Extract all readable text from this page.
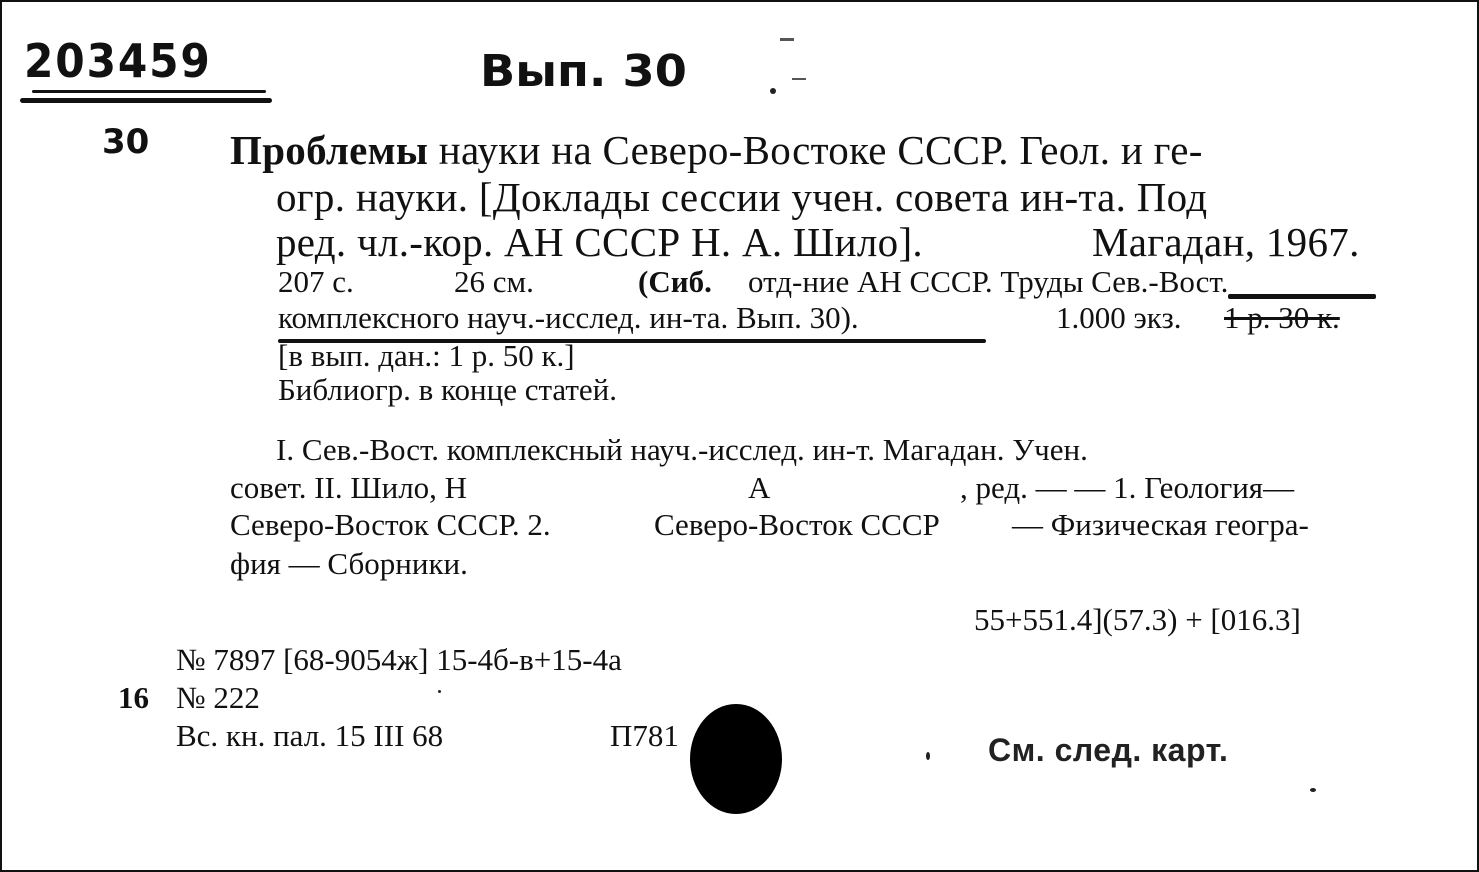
203459	Вып. 30
30 Проблемы науки на Северо-Востоке СССР. Геол. и ге-
огр. науки. [Доклады сессии учен. совета ин-та. Под
ред. чл.-кор. АН СССР Н. А. Шило].	Магадан, 1967.
207 с.	26 см.	(Сиб. отд-ние АН СССР. Труды Сев.-Вост.
комплексного науч.-исслед. ин-та. Вып. 30).	1.000 экз. 1 р. 30 к.
[в вып. дан.: 1 р. 50 к.]
Библиогр. в конце статей.
I. Сев.-Вост. комплексный науч.-исслед. ин-т. Магадан. Учен.
совет. II. Шило, Н	А	, ред. — — 1. Геология—
Северо-Восток СССР. 2.	Северо-Восток СССР — Физическая геогра-
фия — Сборники.
55+551.4](57.3) + [016.3]
№ 7897 [68-9054ж] 15-4б-в+15-4а
16 № 222
Вс. кн. пал. 15 III 68	П781	См. след. карт.
